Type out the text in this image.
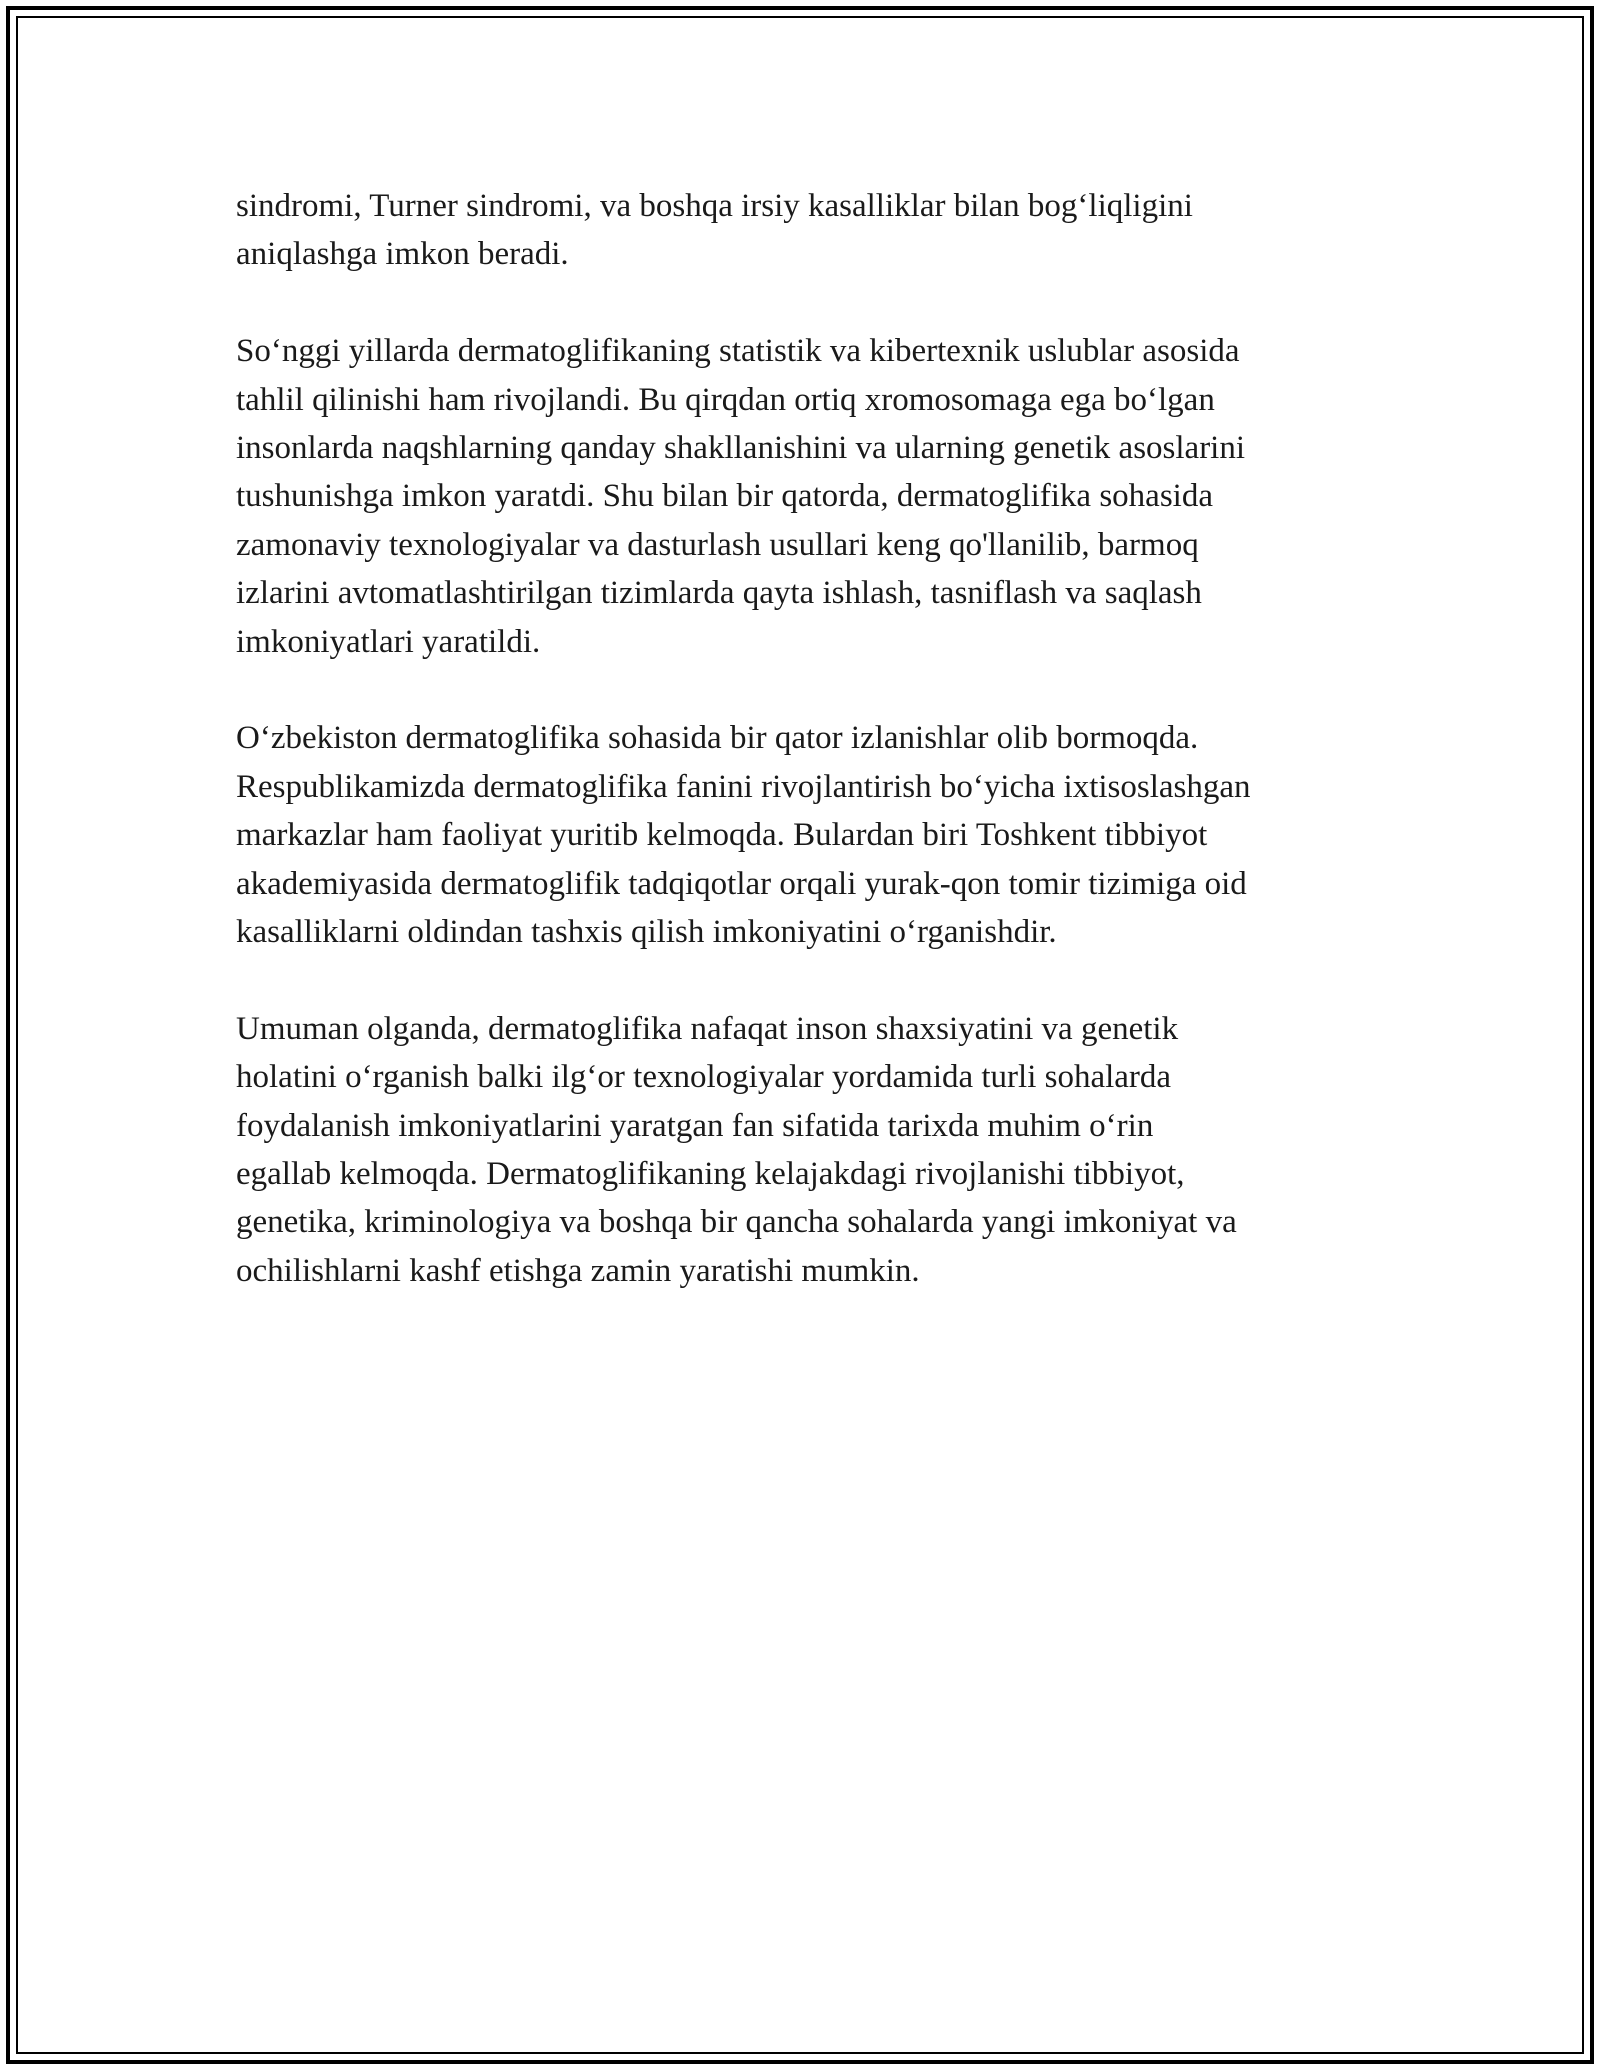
sindromi, Turner sindromi, va boshqa irsiy kasalliklar bilan bog‘liqligini
aniqlashga imkon beradi.

So‘nggi yillarda dermatoglifikaning statistik va kibertexnik uslublar asosida
tahlil qilinishi ham rivojlandi. Bu qirqdan ortiq xromosomaga ega bo‘lgan
insonlarda naqshlarning qanday shakllanishini va ularning genetik asoslarini
tushunishga imkon yaratdi. Shu bilan bir qatorda, dermatoglifika sohasida
zamonaviy texnologiyalar va dasturlash usullari keng qo'llanilib, barmoq
izlarini avtomatlashtirilgan tizimlarda qayta ishlash, tasniflash va saqlash
imkoniyatlari yaratildi.

O‘zbekiston dermatoglifika sohasida bir qator izlanishlar olib bormoqda.
Respublikamizda dermatoglifika fanini rivojlantirish bo‘yicha ixtisoslashgan
markazlar ham faoliyat yuritib kelmoqda. Bulardan biri Toshkent tibbiyot
akademiyasida dermatoglifik tadqiqotlar orqali yurak-qon tomir tizimiga oid
kasalliklarni oldindan tashxis qilish imkoniyatini o‘rganishdir.

Umuman olganda, dermatoglifika nafaqat inson shaxsiyatini va genetik
holatini o‘rganish balki ilg‘or texnologiyalar yordamida turli sohalarda
foydalanish imkoniyatlarini yaratgan fan sifatida tarixda muhim o‘rin
egallab kelmoqda. Dermatoglifikaning kelajakdagi rivojlanishi tibbiyot,
genetika, kriminologiya va boshqa bir qancha sohalarda yangi imkoniyat va
ochilishlarni kashf etishga zamin yaratishi mumkin.
